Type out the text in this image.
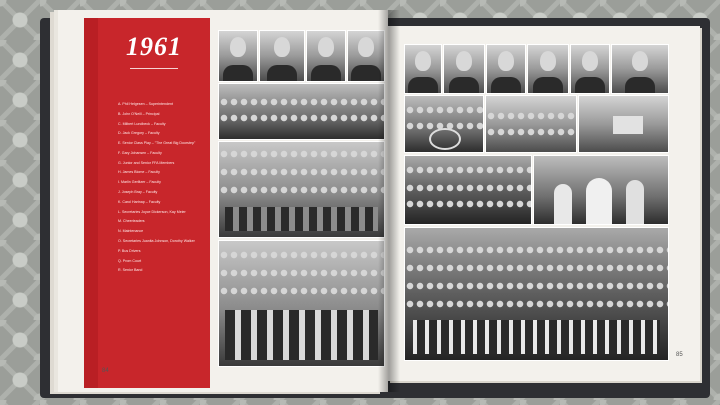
1961
A. Phil Helgesen – Superintendent
B. John O'Neill – Principal
C. Milbert Lundbeck – Faculty
D. Jack Gregory – Faculty
E. Senior Class Play – "The Great Big Doorstep"
F. Gary Johansen – Faculty
G. Junior and Senior FFA Members
H. James Blome – Faculty
I. Marlin Gerlitzer – Faculty
J. Joseph Bray – Faculty
K. Carol Hartnap – Faculty
L. Secretaries Joyce Dickerson, Kay Meier
M. Cheerleaders
N. Maintenance
O. Secretaries Juanita Johnson, Dorothy Walker
P. Bus Drivers
Q. Prom Court
R. Senior Band
84
85
